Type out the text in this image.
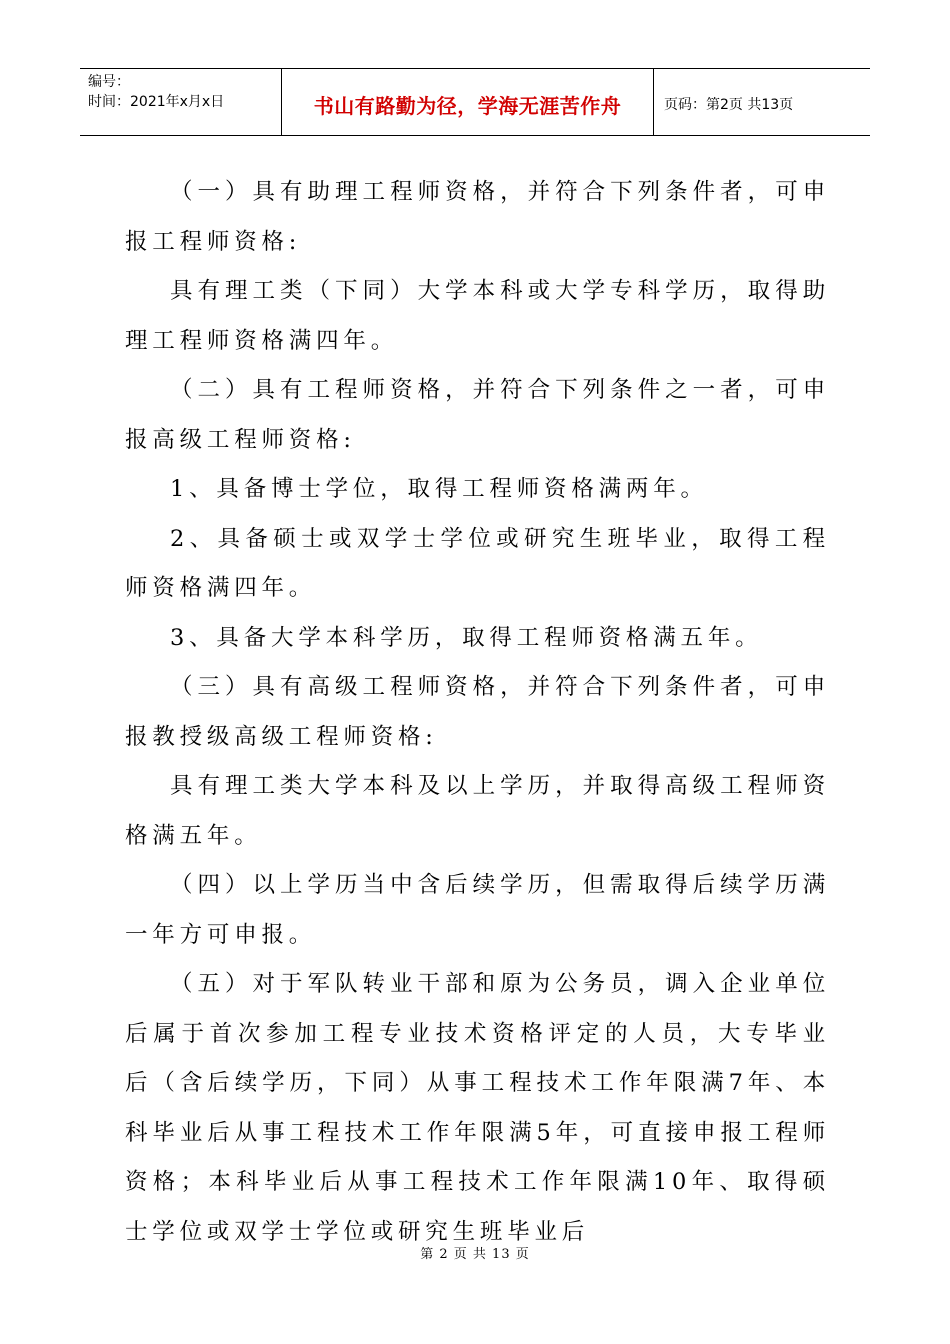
编号：
时间：2021年x月x日	书山有路勤为径，学海无涯苦作舟	页码：第2页 共13页

（一）具有助理工程师资格，并符合下列条件者，可申报工程师资格:

具有理工类（下同）大学本科或大学专科学历，取得助理工程师资格满四年。

（二）具有工程师资格，并符合下列条件之一者，可申报高级工程师资格:

1、具备博士学位，取得工程师资格满两年。

2、具备硕士或双学士学位或研究生班毕业，取得工程师资格满四年。

3、具备大学本科学历，取得工程师资格满五年。

（三）具有高级工程师资格，并符合下列条件者，可申报教授级高级工程师资格:

具有理工类大学本科及以上学历，并取得高级工程师资格满五年。

（四）以上学历当中含后续学历，但需取得后续学历满一年方可申报。

（五）对于军队转业干部和原为公务员，调入企业单位后属于首次参加工程专业技术资格评定的人员，大专毕业后（含后续学历，下同）从事工程技术工作年限满7年、本科毕业后从事工程技术工作年限满5年，可直接申报工程师资格；本科毕业后从事工程技术工作年限满10年、取得硕士学位或双学士学位或研究生班毕业后

第 2 页 共 13 页
